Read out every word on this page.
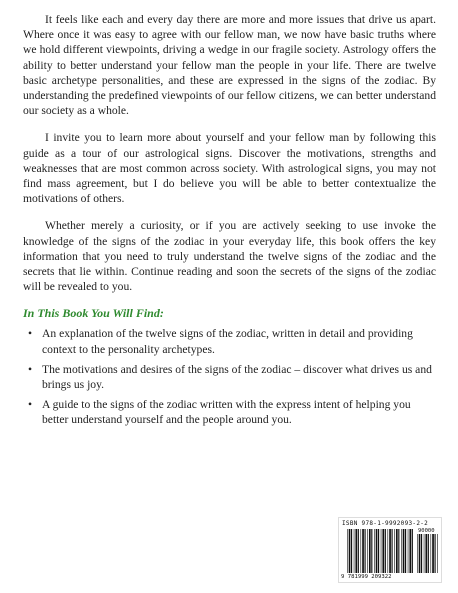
It feels like each and every day there are more and more issues that drive us apart. Where once it was easy to agree with our fellow man, we now have basic truths where we hold different viewpoints, driving a wedge in our fragile society. Astrology offers the ability to better understand your fellow man the people in your life. There are twelve basic archetype personalities, and these are expressed in the signs of the zodiac. By understanding the predefined viewpoints of our fellow citizens, we can better understand our society as a whole.

I invite you to learn more about yourself and your fellow man by following this guide as a tour of our astrological signs. Discover the motivations, strengths and weaknesses that are most common across society. With astrological signs, you may not find mass agreement, but I do believe you will be able to better contextualize the motivations of others.

Whether merely a curiosity, or if you are actively seeking to use invoke the knowledge of the signs of the zodiac in your everyday life, this book offers the key information that you need to truly understand the twelve signs of the zodiac and the secrets that lie within. Continue reading and soon the secrets of the signs of the zodiac will be revealed to you.

In This Book You Will Find:
• An explanation of the twelve signs of the zodiac, written in detail and providing context to the personality archetypes.
• The motivations and desires of the signs of the zodiac – discover what drives us and brings us joy.
• A guide to the signs of the zodiac written with the express intent of helping you better understand yourself and the people around you.
ISBN 978-1-9992093-2-2
90000
9 781999 209322
